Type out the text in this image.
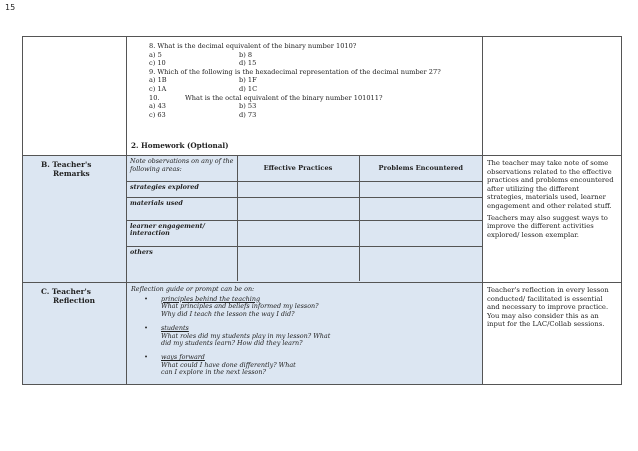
15

8. What is the decimal equivalent of the binary number 1010?
a) 5	b) 8
c) 10	d) 15
9. Which of the following is the hexadecimal representation of the decimal number 27?
a) 1B	b) 1F
c) 1A	d) 1C
10.	What is the octal equivalent of the binary number 101011?
a) 43	b) 53
c) 63	d) 73
2. Homework (Optional)

B. Teacher's
Remarks

Note observations on any of the following areas:	Effective Practices	Problems Encountered
strategies explored		
materials used		
learner engagement/ interaction		
others		

The teacher may take note of some observations related to the effective practices and problems encountered after utilizing the different strategies, materials used, learner engagement and other related stuff.

Teachers may also suggest ways to improve the different activities explored/ lesson exemplar.

C. Teacher's
Reflection

Reflection guide or prompt can be on:
•	principles behind the teaching
What principles and beliefs informed my lesson?
Why did I teach the lesson the way I did?
•	students
What roles did my students play in my lesson? What
did my students learn? How did they learn?
•	ways forward
What could I have done differently? What
can I explore in the next lesson?

Teacher's reflection in every lesson conducted/ facilitated is essential and necessary to improve practice. You may also consider this as an input for the LAC/Collab sessions.
